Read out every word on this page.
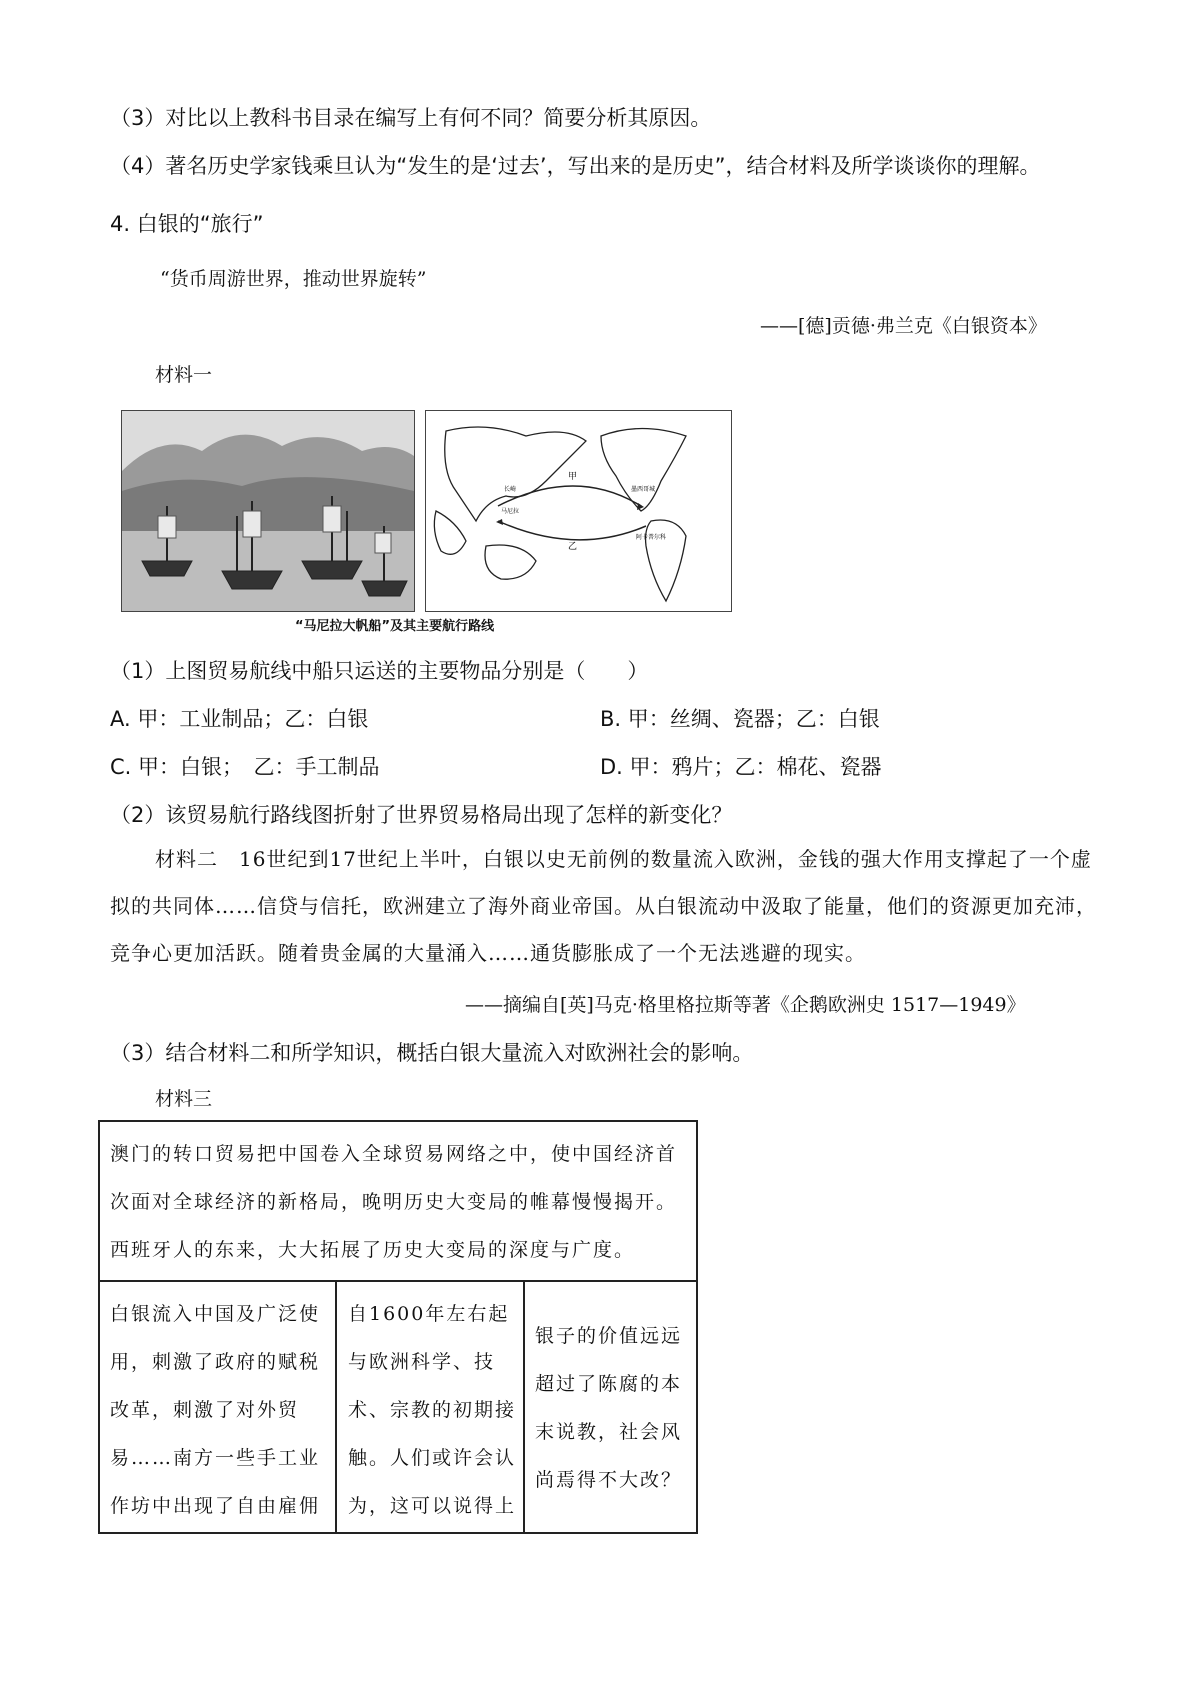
（3）对比以上教科书目录在编写上有何不同？简要分析其原因。
（4）著名历史学家钱乘旦认为“发生的是‘过去’，写出来的是历史”，结合材料及所学谈谈你的理解。
4. 白银的“旅行”
“货币周游世界，推动世界旋转”
——[德]贡德·弗兰克《白银资本》
材料一
甲
乙
长崎
马尼拉
墨西哥城
阿卡普尔科
“马尼拉大帆船”及其主要航行路线
（1）上图贸易航线中船只运送的主要物品分别是（　　）
A. 甲：工业制品；乙：白银	B. 甲：丝绸、瓷器；乙：白银
C. 甲：白银；　乙：手工制品	D. 甲：鸦片；乙：棉花、瓷器
（2）该贸易航行路线图折射了世界贸易格局出现了怎样的新变化？
材料二　16世纪到17世纪上半叶，白银以史无前例的数量流入欧洲，金钱的强大作用支撑起了一个虚拟的共同体……信贷与信托，欧洲建立了海外商业帝国。从白银流动中汲取了能量，他们的资源更加充沛，竞争心更加活跃。随着贵金属的大量涌入……通货膨胀成了一个无法逃避的现实。
——摘编自[英]马克·格里格拉斯等著《企鹅欧洲史 1517—1949》
（3）结合材料二和所学知识，概括白银大量流入对欧洲社会的影响。
材料三
澳门的转口贸易把中国卷入全球贸易网络之中，使中国经济首
次面对全球经济的新格局，晚明历史大变局的帷幕慢慢揭开。
西班牙人的东来，大大拓展了历史大变局的深度与广度。
白银流入中国及广泛使
用，刺激了政府的赋税
改革，刺激了对外贸
易……南方一些手工业
作坊中出现了自由雇佣
自1600年左右起
与欧洲科学、技
术、宗教的初期接
触。人们或许会认
为，这可以说得上
银子的价值远远
超过了陈腐的本
末说教，社会风
尚焉得不大改？
